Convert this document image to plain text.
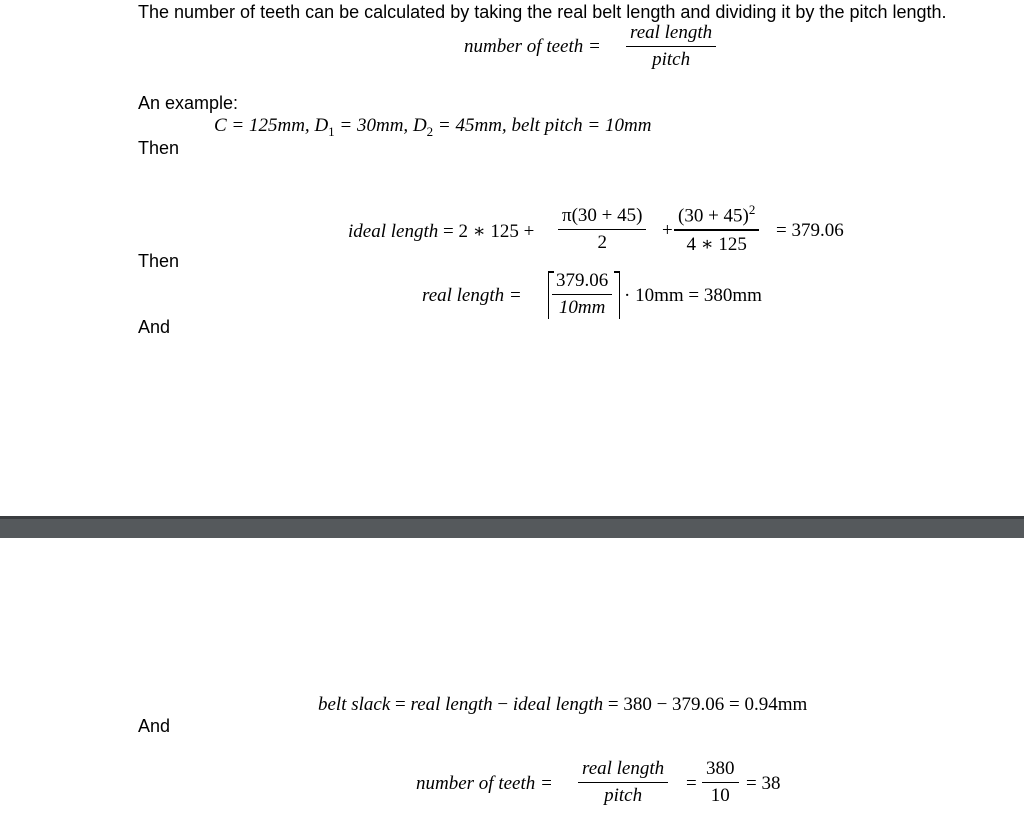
The number of teeth can be calculated by taking the real belt length and dividing it by the pitch length.
number of teeth =
real length
pitch
An example:
C = 125mm, $D_1 = 30mm$, $D_2 = 45mm$, belt pitch = 10mm
Then
ideal length = 2 ∗ 125 +
π(30 + 45)
2
+
$(30 + 45)^2$
4 ∗ 125
= 379.06
Then
real length =
379.06
10mm
· 10mm = 380mm
And
belt slack = real length − ideal length = 380 − 379.06 = 0.94mm
And
number of teeth =
real length
pitch
=
380
10
= 38
